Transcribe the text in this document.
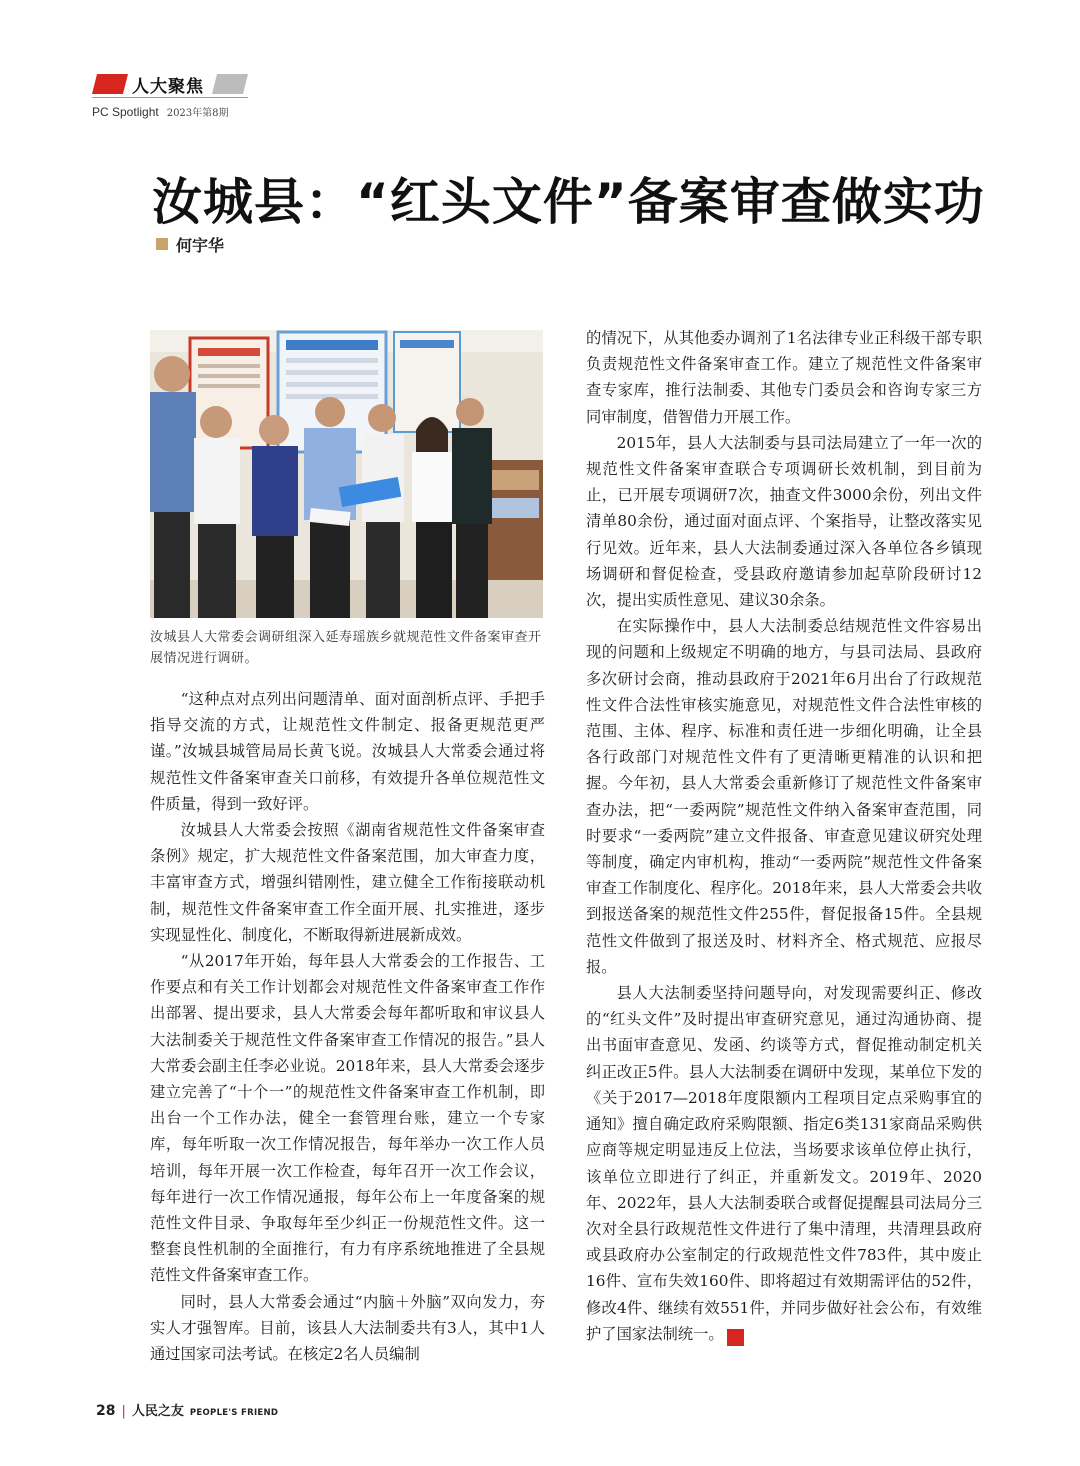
人大聚焦
PC Spotlight 2023年第8期
汝城县：“红头文件”备案审查做实功
何宇华
汝城县人大常委会调研组深入延寿瑶族乡就规范性文件备案审查开展情况进行调研。

“这种点对点列出问题清单、面对面剖析点评、手把手指导交流的方式，让规范性文件制定、报备更规范更严谨。”汝城县城管局局长黄飞说。汝城县人大常委会通过将规范性文件备案审查关口前移，有效提升各单位规范性文件质量，得到一致好评。

汝城县人大常委会按照《湖南省规范性文件备案审查条例》规定，扩大规范性文件备案范围，加大审查力度，丰富审查方式，增强纠错刚性，建立健全工作衔接联动机制，规范性文件备案审查工作全面开展、扎实推进，逐步实现显性化、制度化，不断取得新进展新成效。

“从2017年开始，每年县人大常委会的工作报告、工作要点和有关工作计划都会对规范性文件备案审查工作作出部署、提出要求，县人大常委会每年都听取和审议县人大法制委关于规范性文件备案审查工作情况的报告。”县人大常委会副主任李必业说。2018年来，县人大常委会逐步建立完善了“十个一”的规范性文件备案审查工作机制，即出台一个工作办法，健全一套管理台账，建立一个专家库，每年听取一次工作情况报告，每年举办一次工作人员培训，每年开展一次工作检查，每年召开一次工作会议，每年进行一次工作情况通报，每年公布上一年度备案的规范性文件目录、争取每年至少纠正一份规范性文件。这一整套良性机制的全面推行，有力有序系统地推进了全县规范性文件备案审查工作。

同时，县人大常委会通过“内脑＋外脑”双向发力，夯实人才强智库。目前，该县人大法制委共有3人，其中1人通过国家司法考试。在核定2名人员编制

的情况下，从其他委办调剂了1名法律专业正科级干部专职负责规范性文件备案审查工作。建立了规范性文件备案审查专家库，推行法制委、其他专门委员会和咨询专家三方同审制度，借智借力开展工作。

2015年，县人大法制委与县司法局建立了一年一次的规范性文件备案审查联合专项调研长效机制，到目前为止，已开展专项调研7次，抽查文件3000余份，列出文件清单80余份，通过面对面点评、个案指导，让整改落实见行见效。近年来，县人大法制委通过深入各单位各乡镇现场调研和督促检查，受县政府邀请参加起草阶段研讨12次，提出实质性意见、建议30余条。

在实际操作中，县人大法制委总结规范性文件容易出现的问题和上级规定不明确的地方，与县司法局、县政府多次研讨会商，推动县政府于2021年6月出台了行政规范性文件合法性审核实施意见，对规范性文件合法性审核的范围、主体、程序、标准和责任进一步细化明确，让全县各行政部门对规范性文件有了更清晰更精准的认识和把握。今年初，县人大常委会重新修订了规范性文件备案审查办法，把“一委两院”规范性文件纳入备案审查范围，同时要求“一委两院”建立文件报备、审查意见建议研究处理等制度，确定内审机构，推动“一委两院”规范性文件备案审查工作制度化、程序化。2018年来，县人大常委会共收到报送备案的规范性文件255件，督促报备15件。全县规范性文件做到了报送及时、材料齐全、格式规范、应报尽报。

县人大法制委坚持问题导向，对发现需要纠正、修改的“红头文件”及时提出审查研究意见，通过沟通协商、提出书面审查意见、发函、约谈等方式，督促推动制定机关纠正改正5件。县人大法制委在调研中发现，某单位下发的《关于2017—2018年度限额内工程项目定点采购事宜的通知》擅自确定政府采购限额、指定6类131家商品采购供应商等规定明显违反上位法，当场要求该单位停止执行，该单位立即进行了纠正，并重新发文。2019年、2020年、2022年，县人大法制委联合或督促提醒县司法局分三次对全县行政规范性文件进行了集中清理，共清理县政府或县政府办公室制定的行政规范性文件783件，其中废止16件、宣布失效160件、即将超过有效期需评估的52件，修改4件、继续有效551件，并同步做好社会公布，有效维护了国家法制统一。	友

28 | 人民之友 PEOPLE'S FRIEND
